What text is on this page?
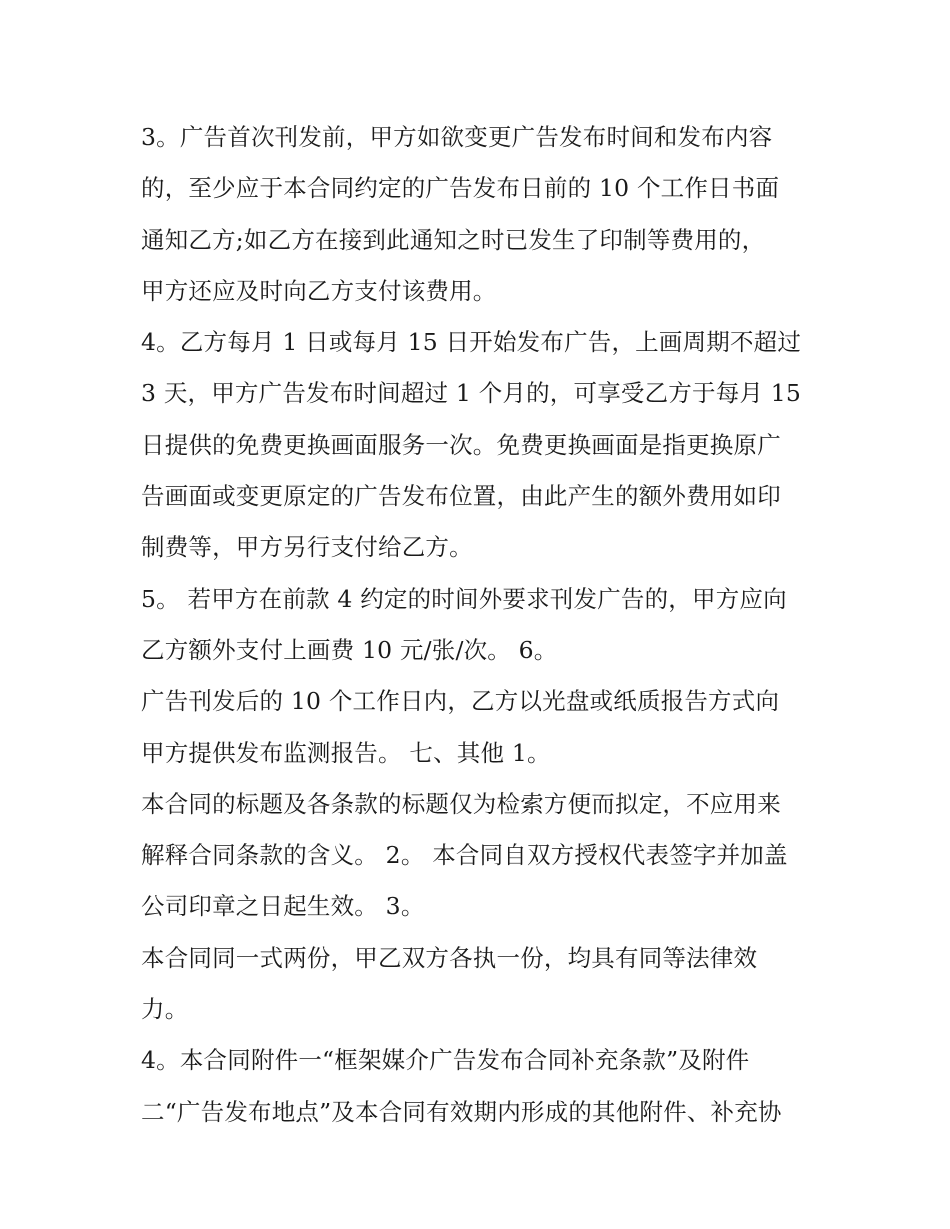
3。广告首次刊发前，甲方如欲变更广告发布时间和发布内容
的，至少应于本合同约定的广告发布日前的 10 个工作日书面
通知乙方;如乙方在接到此通知之时已发生了印制等费用的，
甲方还应及时向乙方支付该费用。
4。乙方每月 1 日或每月 15 日开始发布广告，上画周期不超过
3 天，甲方广告发布时间超过 1 个月的，可享受乙方于每月 15
日提供的免费更换画面服务一次。免费更换画面是指更换原广
告画面或变更原定的广告发布位置，由此产生的额外费用如印
制费等，甲方另行支付给乙方。
5。 若甲方在前款 4 约定的时间外要求刊发广告的，甲方应向
乙方额外支付上画费 10 元/张/次。 6。
广告刊发后的 10 个工作日内，乙方以光盘或纸质报告方式向
甲方提供发布监测报告。 七、其他 1。
本合同的标题及各条款的标题仅为检索方便而拟定，不应用来
解释合同条款的含义。 2。 本合同自双方授权代表签字并加盖
公司印章之日起生效。 3。
本合同同一式两份，甲乙双方各执一份，均具有同等法律效
力。
4。本合同附件一“框架媒介广告发布合同补充条款”及附件
二“广告发布地点”及本合同有效期内形成的其他附件、补充协
